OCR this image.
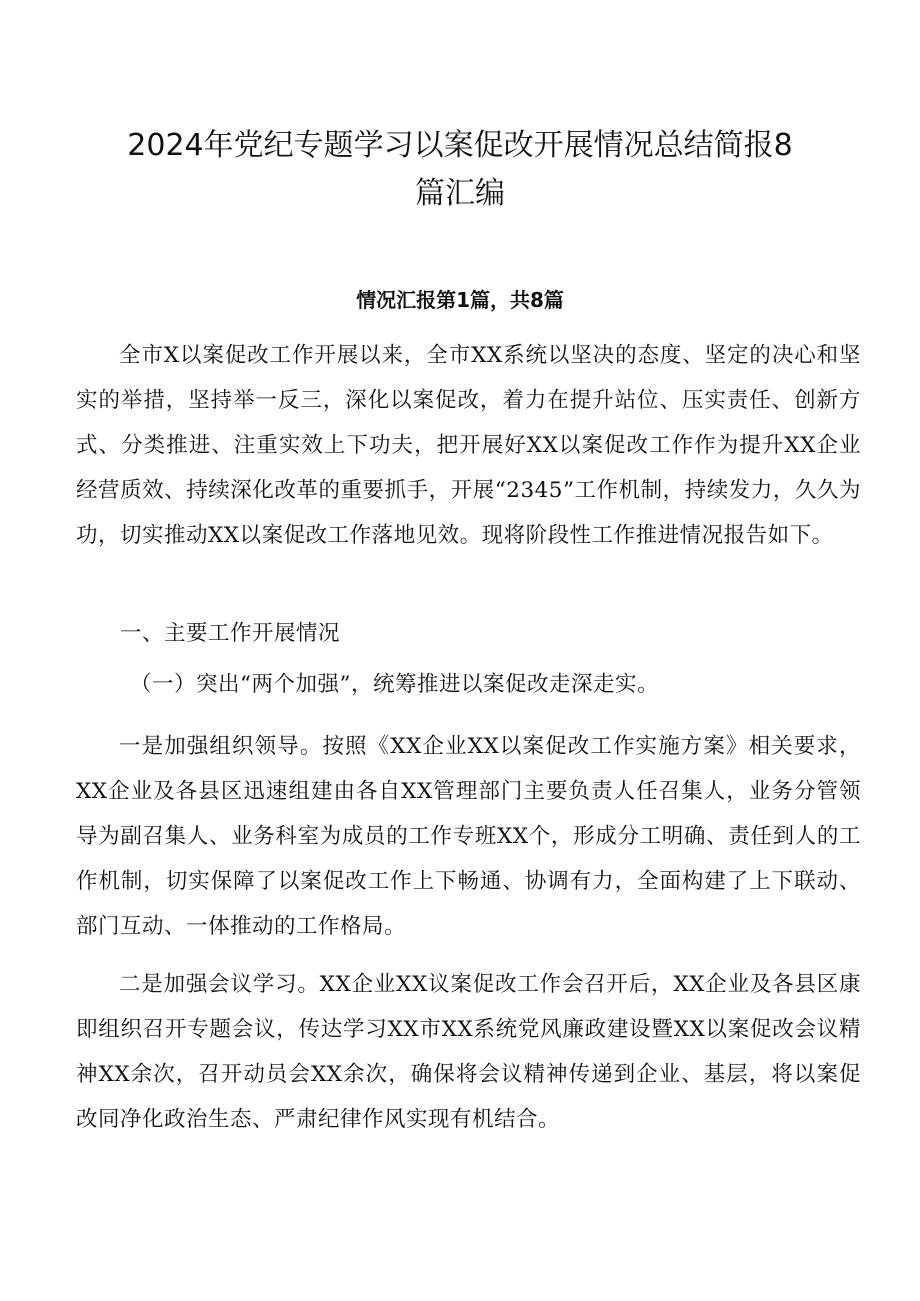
2024年党纪专题学习以案促改开展情况总结简报8
篇汇编
情况汇报第1篇，共8篇

全市X以案促改工作开展以来，全市XX系统以坚决的态度、坚定的决心和坚实的举措，坚持举一反三，深化以案促改，着力在提升站位、压实责任、创新方式、分类推进、注重实效上下功夫，把开展好XX以案促改工作作为提升XX企业经营质效、持续深化改革的重要抓手，开展“2345”工作机制，持续发力，久久为功，切实推动XX以案促改工作落地见效。现将阶段性工作推进情况报告如下。

一、主要工作开展情况

（一）突出“两个加强”，统筹推进以案促改走深走实。

一是加强组织领导。按照《XX企业XX以案促改工作实施方案》相关要求，XX企业及各县区迅速组建由各自XX管理部门主要负责人任召集人，业务分管领导为副召集人、业务科室为成员的工作专班XX个，形成分工明确、责任到人的工作机制，切实保障了以案促改工作上下畅通、协调有力，全面构建了上下联动、部门互动、一体推动的工作格局。

二是加强会议学习。XX企业XX议案促改工作会召开后，XX企业及各县区康即组织召开专题会议，传达学习XX市XX系统党风廉政建设暨XX以案促改会议精神XX余次，召开动员会XX余次，确保将会议精神传递到企业、基层，将以案促改同净化政治生态、严肃纪律作风实现有机结合。
